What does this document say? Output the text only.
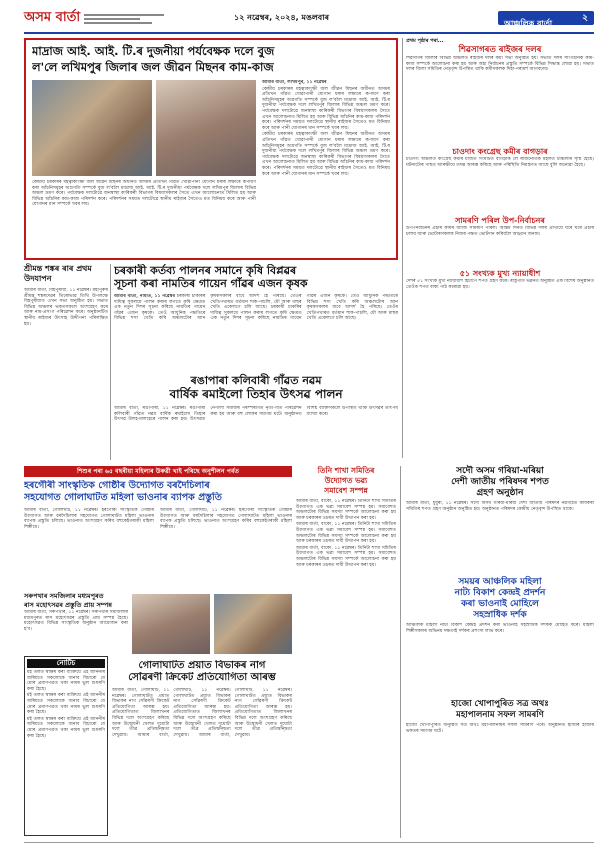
অসম বার্তা	১২ নৱেম্বৰ, ২০২৪, মঙলবাৰ
আঞ্চলিক বার্তা
২
মাদ্ৰাজ আই. আই. টি.ৰ দুজনীয়া পৰ্যবেক্ষক দলে বুজ
ল'লে লখিমপুৰ জিলাৰ জল জীৱন মিছনৰ কাম-কাজ

আমাৰ বাৰ্তা, লখিমপুৰ, ১১ নৱেম্বৰ

কেন্দ্ৰীয় চৰকাৰৰ মহত্বাকাংক্ষী জল জীৱন মিছনৰ অধীনত অসমৰ প্ৰতিখন গাঁৱত খোৱাপানী যোগান ধৰাৰ লক্ষ্যৰে ৰূপায়ণ কৰা আঁচনিসমূহৰ অগ্ৰগতি সম্পৰ্কে বুজ ল'বলৈ মাদ্ৰাজ আই. আই. টি.ৰ দুজনীয়া পৰ্যবেক্ষক দলে লখিমপুৰ জিলাৰ বিভিন্ন অঞ্চল ভ্ৰমণ কৰে। পৰ্যবেক্ষক দলটোৱে জনস্বাস্থ্য কাৰিকৰী বিভাগৰ বিষয়াসকলৰ সৈতে এখন আলোচনাত মিলিত হয় আৰু বিভিন্ন আঁচনিৰ কাম-কাজ পৰিদৰ্শন কৰে। পৰিদৰ্শনৰ সময়ত দলটোৱে স্থানীয় ৰাইজৰ সৈতেও মত বিনিময় কৰে আৰু পানী যোগানৰ মান সম্পৰ্কে খবৰ লয়।

কেন্দ্ৰীয় চৰকাৰৰ মহত্বাকাংক্ষী জল জীৱন মিছনৰ অধীনত অসমৰ প্ৰতিখন গাঁৱত খোৱাপানী যোগান ধৰাৰ লক্ষ্যৰে ৰূপায়ণ কৰা আঁচনিসমূহৰ অগ্ৰগতি সম্পৰ্কে বুজ ল'বলৈ মাদ্ৰাজ আই. আই. টি.ৰ দুজনীয়া পৰ্যবেক্ষক দলে লখিমপুৰ জিলাৰ বিভিন্ন অঞ্চল ভ্ৰমণ কৰে। পৰ্যবেক্ষক দলটোৱে জনস্বাস্থ্য কাৰিকৰী বিভাগৰ বিষয়াসকলৰ সৈতে এখন আলোচনাত মিলিত হয় আৰু বিভিন্ন আঁচনিৰ কাম-কাজ পৰিদৰ্শন কৰে। পৰিদৰ্শনৰ সময়ত দলটোৱে স্থানীয় ৰাইজৰ সৈতেও মত বিনিময় কৰে আৰু পানী যোগানৰ মান সম্পৰ্কে খবৰ লয়।

কেন্দ্ৰীয় চৰকাৰৰ মহত্বাকাংক্ষী জল জীৱন মিছনৰ অধীনত অসমৰ প্ৰতিখন গাঁৱত খোৱাপানী যোগান ধৰাৰ লক্ষ্যৰে ৰূপায়ণ কৰা আঁচনিসমূহৰ অগ্ৰগতি সম্পৰ্কে বুজ ল'বলৈ মাদ্ৰাজ আই. আই. টি.ৰ দুজনীয়া পৰ্যবেক্ষক দলে লখিমপুৰ জিলাৰ বিভিন্ন অঞ্চল ভ্ৰমণ কৰে। পৰ্যবেক্ষক দলটোৱে জনস্বাস্থ্য কাৰিকৰী বিভাগৰ বিষয়াসকলৰ সৈতে এখন আলোচনাত মিলিত হয় আৰু বিভিন্ন আঁচনিৰ কাম-কাজ পৰিদৰ্শন কৰে। পৰিদৰ্শনৰ সময়ত দলটোৱে স্থানীয় ৰাইজৰ সৈতেও মত বিনিময় কৰে আৰু পানী যোগানৰ মান সম্পৰ্কে খবৰ লয়।

শ্ৰীমন্ত শঙ্কৰ ৰাৰ প্ৰথম উদযাপন
আমাৰ বাৰ্তা, বিহপুৰীয়া, ১১ নৱেম্বৰ। মহাপুৰুষ শ্ৰীমন্ত শঙ্কৰদেৱৰ তিৰোভাৱ তিথি উপলক্ষে বিহপুৰীয়াত এখন সভা অনুষ্ঠিত হয়। সভাত বিভিন্ন অঞ্চলৰ ভকতসকলে অংশগ্ৰহণ কৰে আৰু নাম-প্ৰসংগ পৰিৱেশন কৰে। অনুষ্ঠানটিত স্থানীয় ৰাইজৰ উৎসাহ উদ্দীপনা পৰিলক্ষিত হয়।
চৰকাৰী কৰ্তব্য পালনৰ সমানে কৃষি বিপ্লৱৰ
সূচনা কৰা নামতিৰ গায়েন গাঁৱৰ এজন কৃষক
আমাৰ বাৰ্তা, নামতি, ১১ নৱেম্বৰ চৰকাৰী চাকৰিৰ দায়িত্ব সুকলমে পালন কৰাৰ লগতে কৃষি ক্ষেত্ৰত এক নতুন দিশৰ সূচনা কৰিছে নামতিৰ গায়েন গাঁৱৰ এজন কৃষকে। তেওঁ আধুনিক পদ্ধতিৰে বিভিন্ন শস্য খেতি কৰি অঞ্চলটোৰ আন কৃষকসকলৰ বাবে আদৰ্শ হৈ পৰিছে। তেওঁৰ খেতিপথাৰত বৰ্তমান শাক-পাচলি, মৌ আৰু মাছৰ খেতি একেলগে চলি আছে। চৰকাৰী চাকৰিৰ দায়িত্ব সুকলমে পালন কৰাৰ লগতে কৃষি ক্ষেত্ৰত এক নতুন দিশৰ সূচনা কৰিছে নামতিৰ গায়েন গাঁৱৰ এজন কৃষকে। তেওঁ আধুনিক পদ্ধতিৰে বিভিন্ন শস্য খেতি কৰি অঞ্চলটোৰ আন কৃষকসকলৰ বাবে আদৰ্শ হৈ পৰিছে। তেওঁৰ খেতিপথাৰত বৰ্তমান শাক-পাচলি, মৌ আৰু মাছৰ খেতি একেলগে চলি আছে।
ৰঙাপাৰা কলিবাৰী গাঁৱত নৱম
বাৰ্ষিক ৰমাইলো তিহাৰ উৎসৱ পালন
আমাৰ বাৰ্তা, ৰঙাপাৰা, ১১ নৱেম্বৰ। ৰঙাপাৰা কলিবাৰী গাঁৱত নৱম বাৰ্ষিক ৰমাইলো তিহাৰ উৎসৱ উলহ-মালহেৰে পালন কৰা হয়। উৎসৱত নেপালী সমাজৰ পৰম্পৰাগত নৃত্য-গীত পৰিৱেশন কৰা হয় আৰু বহু লোকৰ সমাগম ঘটে। অনুষ্ঠানত বিশিষ্ট ব্যক্তিসকলে উপস্থিত থাকি উৎসৱৰ তাৎপৰ্য ব্যাখ্যা কৰে।
প্ৰথম পৃষ্ঠাৰ পৰা...
শিৱসাগৰত ৰাইজৰ দলৰ
শিৱসাগৰ জিলাৰ বিভিন্ন অঞ্চলত ৰাইজৰ দলৰ কৰ্মী সভা অনুষ্ঠিত হয়। সভাত দলৰ সাংগঠনিক কাম-কাজ সম্পৰ্কে আলোচনা কৰা হয় আৰু অহা নিৰ্বাচনৰ প্ৰস্তুতি সম্পৰ্কে বিভিন্ন সিদ্ধান্ত লোৱা হয়। সভাত দলৰ জিলা সমিতিৰ নেতৃবৃন্দ উপস্থিত থাকি কৰ্মীসকলক দিহা-পৰামৰ্শ আগবঢ়ায়।
চাওদাং কংগ্ৰেছ কমীৰ বাগড়াৰ
চাওদাং অঞ্চলত কংগ্ৰেছ কৰ্মীৰ মাজত সংঘটিত বাগড়াক লৈ ৰাজনৈতিক মহলত চাঞ্চল্যৰ সৃষ্টি হৈছে। ঘটনাটোৰ পাছত আৰক্ষীয়ে তদন্ত আৰম্ভ কৰিছে আৰু পৰিস্থিতি নিয়ন্ত্ৰণত আছে বুলি জনোৱা হৈছে।
সামৰণি পৰিল উপ-নিৰ্বাচনৰ
উপ-নিৰ্বাচনৰ প্ৰচাৰ কাৰ্যৰ আজি সামৰণি পৰিল। অন্তিম দিনত বিভিন্ন দলৰ প্ৰাৰ্থীয়ে ঘৰে ঘৰে প্ৰচাৰ চলায় আৰু ভোটাৰসকলক নিজৰ পক্ষত ভোটদান কৰিবলৈ আহ্বান জনায়।
৫১ সংখ্যক মুখ্য ন্যায়াধীশ
দেশৰ ৫১ সংখ্যক মুখ্য ন্যায়াধীশ হিচাপে শপত গ্ৰহণ কৰে। ৰাষ্ট্ৰপতি ভৱনত অনুষ্ঠিত এক বিশেষ অনুষ্ঠানত তেওঁক শপত বাক্য পাঠ কৰোৱা হয়।
তিনি শাখা সমিতিৰ
উদ্যোগত ভৱ্য
সমাবেশ সম্পন্ন

আমাৰ বাৰ্তা, বাকো, ১১ নৱেম্বৰ। তিনিটা শাখা সমিতিৰ উদ্যোগত এক ভৱ্য সমাবেশ সম্পন্ন হয়। সমাবেশত অঞ্চলটোৰ বিভিন্ন সমস্যা সম্পৰ্কে আলোচনা কৰা হয় আৰু চৰকাৰৰ ওচৰত দাবী উত্থাপন কৰা হয়।

আমাৰ বাৰ্তা, বাকো, ১১ নৱেম্বৰ। তিনিটা শাখা সমিতিৰ উদ্যোগত এক ভৱ্য সমাবেশ সম্পন্ন হয়। সমাবেশত অঞ্চলটোৰ বিভিন্ন সমস্যা সম্পৰ্কে আলোচনা কৰা হয় আৰু চৰকাৰৰ ওচৰত দাবী উত্থাপন কৰা হয়।

আমাৰ বাৰ্তা, বাকো, ১১ নৱেম্বৰ। তিনিটা শাখা সমিতিৰ উদ্যোগত এক ভৱ্য সমাবেশ সম্পন্ন হয়। সমাবেশত অঞ্চলটোৰ বিভিন্ন সমস্যা সম্পৰ্কে আলোচনা কৰা হয় আৰু চৰকাৰৰ ওচৰত দাবী উত্থাপন কৰা হয়।

সদৌ অসম গৰিয়া-মৰিয়া
দেশী জাতীয় পৰিষদৰ শপত
গ্ৰহণ অনুষ্ঠান
আমাৰ বাৰ্তা, ধুবুৰী, ১১ নৱেম্বৰ। সদৌ অসম গৰিয়া-মৰিয়া দেশী জাতীয় পৰিষদৰ নৱগঠিত কাৰ্যকৰী সমিতিৰ শপত গ্ৰহণ অনুষ্ঠান অনুষ্ঠিত হয়। অনুষ্ঠানত পৰিষদৰ কেন্দ্ৰীয় নেতৃবৃন্দ উপস্থিত থাকে।
সময়ৰ আঞ্চলিক মহিলা
নাট্য বিকাশ কেন্দ্ৰই প্ৰদৰ্শন
কৰা ভাওনাই মোহিলে
সহস্ৰাধিক দৰ্শক
আঞ্চলিক মহিলা নাট্য বিকাশ কেন্দ্ৰই প্ৰদৰ্শন কৰা ভাওনাই সহস্ৰাধিক দৰ্শকক মোহিত কৰে। মহিলা শিল্পীসকলৰ অভিনয় দক্ষতাই দৰ্শকৰ প্ৰশংসা লাভ কৰে।
হাজো খোপাপুৰিত সত্ৰ অথঃ
মহাপালনাম সফল সামৰণি
হাজো খোপাপুৰিত অনুষ্ঠিত সত্ৰ অথঃ মহাপালনামৰ সফল সামৰণি পৰে। অনুষ্ঠানত হাজাৰ হাজাৰ ভকতৰ সমাগম ঘটে।
শিশুৰ পৰা ৬৫ বছৰীয়া মহিলাৰ উৰুৱী খাই পৰিছে অনুশীলন পৰ্বত
হৰগৌৰী সাংস্কৃতিক গোষ্ঠীৰ উদ্যোগত বৰদৈচিলাৰ
সহযোগত গোলাঘাটত মহিলা ভাওনাৰ ব্যাপক প্ৰস্তুতি
আমাৰ বাৰ্তা, গোলাঘাট, ১১ নৱেম্বৰ। হৰগৌৰী সাংস্কৃতিক গোষ্ঠীৰ উদ্যোগত আৰু বৰদৈচিলাৰ সহযোগত গোলাঘাটত মহিলা ভাওনাৰ ব্যাপক প্ৰস্তুতি চলিছে। ভাওনাত অংশগ্ৰহণ কৰিব বহুকেইগৰাকী মহিলা শিল্পীয়ে।
আমাৰ বাৰ্তা, গোলাঘাট, ১১ নৱেম্বৰ। হৰগৌৰী সাংস্কৃতিক গোষ্ঠীৰ উদ্যোগত আৰু বৰদৈচিলাৰ সহযোগত গোলাঘাটত মহিলা ভাওনাৰ ব্যাপক প্ৰস্তুতি চলিছে। ভাওনাত অংশগ্ৰহণ কৰিব বহুকেইগৰাকী মহিলা শিল্পীয়ে।
সৰুপথাৰ সমজিলাৰ মধ্যমপুৰত
ৰাস মহোৎসৱৰ প্ৰস্তুতি প্ৰায় সম্পন্ন
আমাৰ বাৰ্তা, সৰুপথাৰ, ১১ নৱেম্বৰ। সৰুপথাৰ সমজিলাৰ মধ্যমপুৰত ৰাস মহোৎসৱৰ প্ৰস্তুতি প্ৰায় সম্পন্ন হৈছে। মহোৎসৱত বিভিন্ন সাংস্কৃতিক অনুষ্ঠান আয়োজন কৰা হ'ব।
নোটিচ

মই তলত স্বাক্ষৰ কৰা ব্যক্তিয়ে এই জাননীৰ জৰিয়তে সকলোকে জনাব বিচাৰো যে মোৰ প্ৰমাণপত্ৰত থকা নামৰ ভুল শুধৰণি কৰা হৈছে।

মই তলত স্বাক্ষৰ কৰা ব্যক্তিয়ে এই জাননীৰ জৰিয়তে সকলোকে জনাব বিচাৰো যে মোৰ প্ৰমাণপত্ৰত থকা নামৰ ভুল শুধৰণি কৰা হৈছে।

মই তলত স্বাক্ষৰ কৰা ব্যক্তিয়ে এই জাননীৰ জৰিয়তে সকলোকে জনাব বিচাৰো যে মোৰ প্ৰমাণপত্ৰত থকা নামৰ ভুল শুধৰণি কৰা হৈছে।

গোলাঘাটত প্ৰয়াত বিভাকৰ নাগ
সোঁৱৰণী ক্ৰিকেট প্ৰতিযোগিতা আৰম্ভ
আমাৰ বাৰ্তা, গোলাঘাট, ১১ নৱেম্বৰ। গোলাঘাটত প্ৰয়াত বিভাকৰ নাগ সোঁৱৰণী ক্ৰিকেট প্ৰতিযোগিতা আৰম্ভ হয়। প্ৰতিযোগিতাত জিলাখনৰ বিভিন্ন দলে অংশগ্ৰহণ কৰিছে আৰু উদ্বোধনী খেলত দুয়োটা দলে তীব্ৰ প্ৰতিদ্বন্দ্বিতা দেখুৱায়। আমাৰ বাৰ্তা, গোলাঘাট, ১১ নৱেম্বৰ। গোলাঘাটত প্ৰয়াত বিভাকৰ নাগ সোঁৱৰণী ক্ৰিকেট প্ৰতিযোগিতা আৰম্ভ হয়। প্ৰতিযোগিতাত জিলাখনৰ বিভিন্ন দলে অংশগ্ৰহণ কৰিছে আৰু উদ্বোধনী খেলত দুয়োটা দলে তীব্ৰ প্ৰতিদ্বন্দ্বিতা দেখুৱায়। আমাৰ বাৰ্তা, গোলাঘাট, ১১ নৱেম্বৰ। গোলাঘাটত প্ৰয়াত বিভাকৰ নাগ সোঁৱৰণী ক্ৰিকেট প্ৰতিযোগিতা আৰম্ভ হয়। প্ৰতিযোগিতাত জিলাখনৰ বিভিন্ন দলে অংশগ্ৰহণ কৰিছে আৰু উদ্বোধনী খেলত দুয়োটা দলে তীব্ৰ প্ৰতিদ্বন্দ্বিতা দেখুৱায়।
